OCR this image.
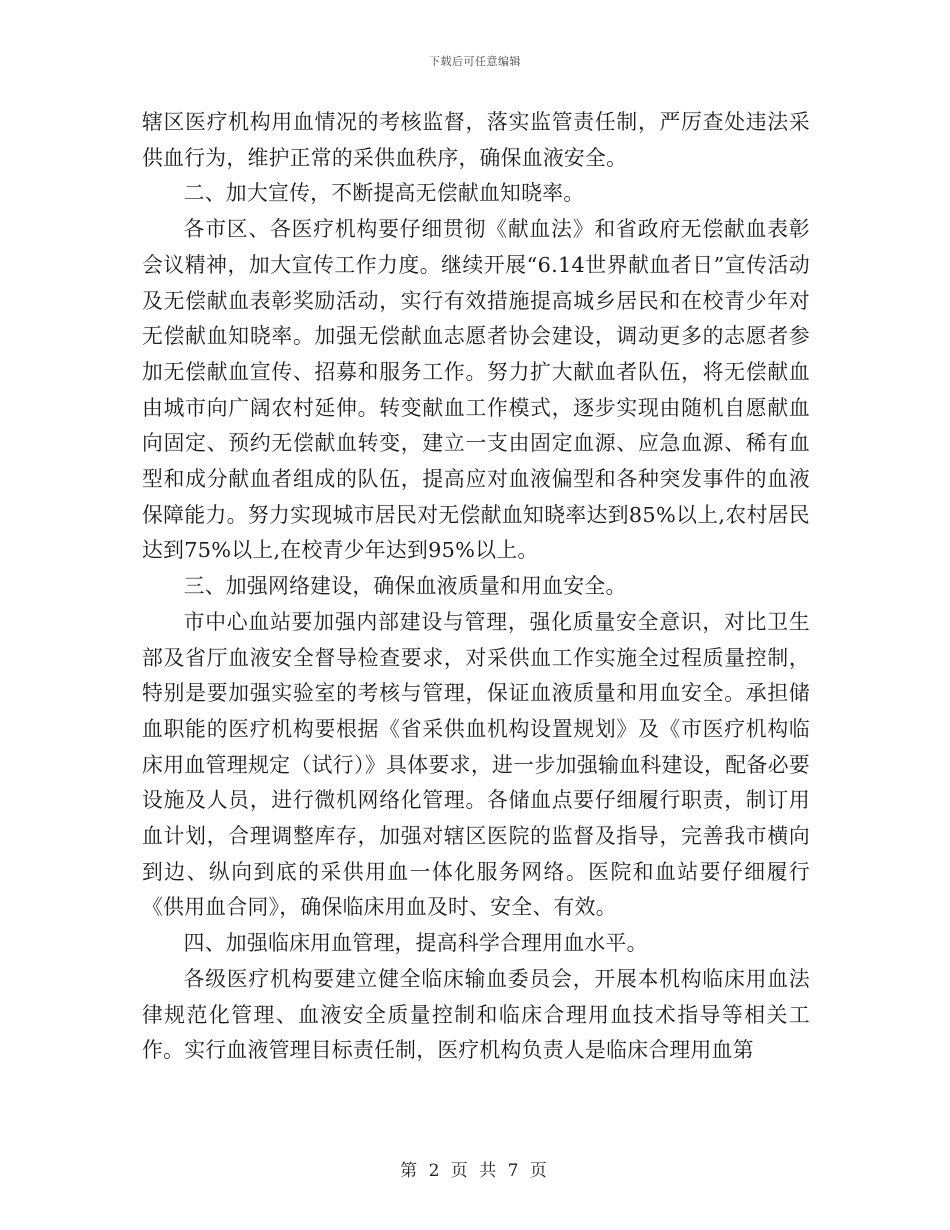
下载后可任意编辑

辖区医疗机构用血情况的考核监督，落实监管责任制，严厉查处违法采供血行为，维护正常的采供血秩序，确保血液安全。

二、加大宣传，不断提高无偿献血知晓率。

各市区、各医疗机构要仔细贯彻《献血法》和省政府无偿献血表彰会议精神，加大宣传工作力度。继续开展“6.14世界献血者日”宣传活动及无偿献血表彰奖励活动，实行有效措施提高城乡居民和在校青少年对无偿献血知晓率。加强无偿献血志愿者协会建设，调动更多的志愿者参加无偿献血宣传、招募和服务工作。努力扩大献血者队伍，将无偿献血由城市向广阔农村延伸。转变献血工作模式，逐步实现由随机自愿献血向固定、预约无偿献血转变，建立一支由固定血源、应急血源、稀有血型和成分献血者组成的队伍，提高应对血液偏型和各种突发事件的血液保障能力。努力实现城市居民对无偿献血知晓率达到85%以上,农村居民达到75%以上,在校青少年达到95%以上。

三、加强网络建设，确保血液质量和用血安全。

市中心血站要加强内部建设与管理，强化质量安全意识，对比卫生部及省厅血液安全督导检查要求，对采供血工作实施全过程质量控制，特别是要加强实验室的考核与管理，保证血液质量和用血安全。承担储血职能的医疗机构要根据《省采供血机构设置规划》及《市医疗机构临床用血管理规定（试行）》具体要求，进一步加强输血科建设，配备必要设施及人员，进行微机网络化管理。各储血点要仔细履行职责，制订用血计划，合理调整库存，加强对辖区医院的监督及指导，完善我市横向到边、纵向到底的采供用血一体化服务网络。医院和血站要仔细履行《供用血合同》，确保临床用血及时、安全、有效。

四、加强临床用血管理，提高科学合理用血水平。

各级医疗机构要建立健全临床输血委员会，开展本机构临床用血法律规范化管理、血液安全质量控制和临床合理用血技术指导等相关工作。实行血液管理目标责任制，医疗机构负责人是临床合理用血第

第 2 页 共 7 页
